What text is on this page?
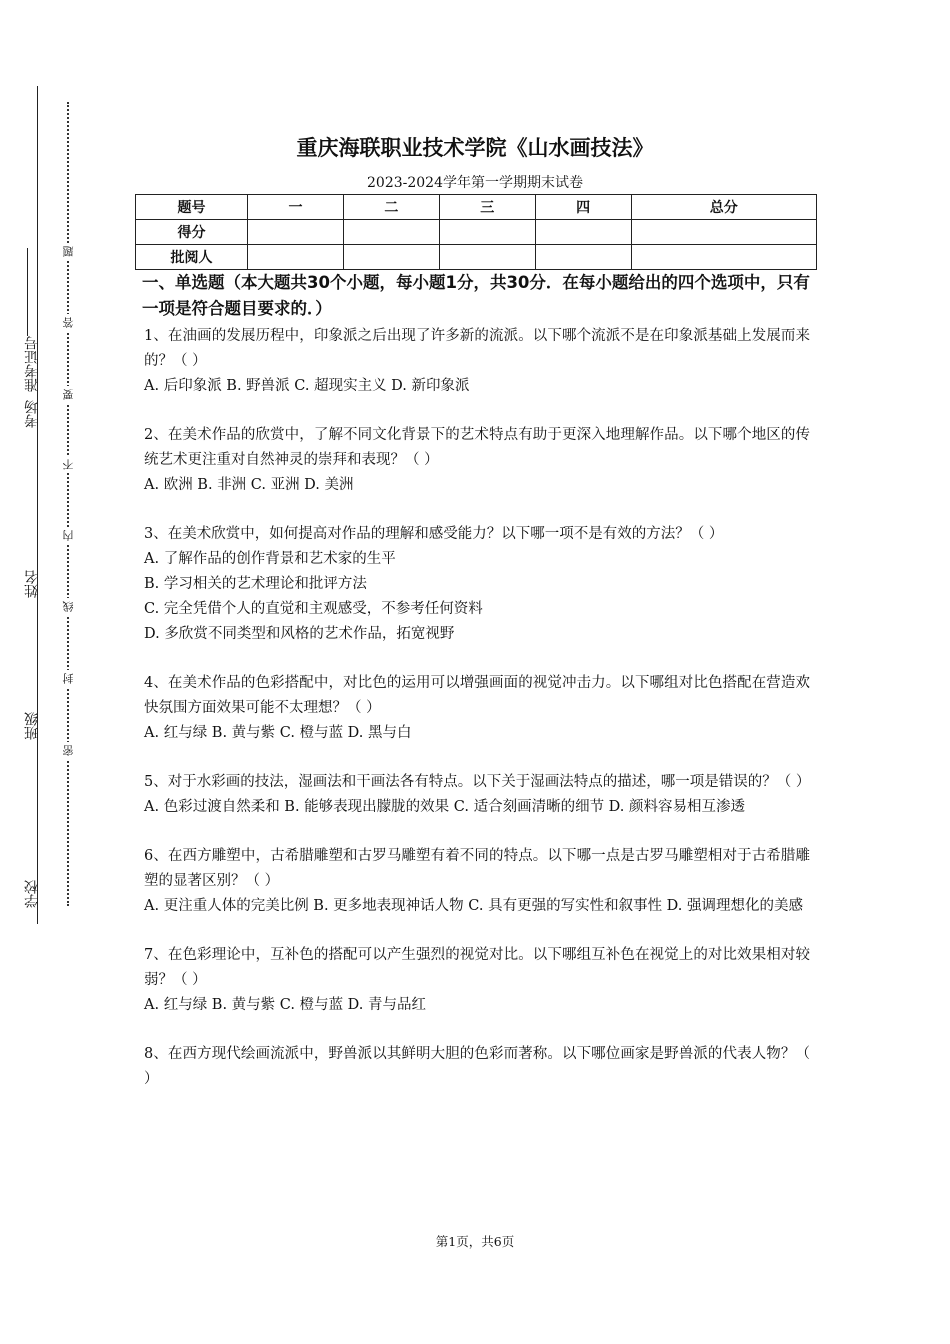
准考证号
考场
姓名
班级
学校
题
答
要
不
内
线
封
密
重庆海联职业技术学院《山水画技法》
2023-2024学年第一学期期末试卷
题号	一	二	三	四	总分
得分					
批阅人					
一、单选题（本大题共30个小题，每小题1分，共30分．在每小题给出的四个选项中，只有一项是符合题目要求的．）

1、在油画的发展历程中，印象派之后出现了许多新的流派。以下哪个流派不是在印象派基础上发展而来的？（ ）

A. 后印象派 B. 野兽派 C. 超现实主义 D. 新印象派

2、在美术作品的欣赏中，了解不同文化背景下的艺术特点有助于更深入地理解作品。以下哪个地区的传统艺术更注重对自然神灵的崇拜和表现？（ ）

A. 欧洲 B. 非洲 C. 亚洲 D. 美洲

3、在美术欣赏中，如何提高对作品的理解和感受能力？以下哪一项不是有效的方法？（ ）

A. 了解作品的创作背景和艺术家的生平

B. 学习相关的艺术理论和批评方法

C. 完全凭借个人的直觉和主观感受，不参考任何资料

D. 多欣赏不同类型和风格的艺术作品，拓宽视野

4、在美术作品的色彩搭配中，对比色的运用可以增强画面的视觉冲击力。以下哪组对比色搭配在营造欢快氛围方面效果可能不太理想？（ ）

A. 红与绿 B. 黄与紫 C. 橙与蓝 D. 黑与白

5、对于水彩画的技法，湿画法和干画法各有特点。以下关于湿画法特点的描述，哪一项是错误的？（ ）

A. 色彩过渡自然柔和 B. 能够表现出朦胧的效果 C. 适合刻画清晰的细节 D. 颜料容易相互渗透

6、在西方雕塑中，古希腊雕塑和古罗马雕塑有着不同的特点。以下哪一点是古罗马雕塑相对于古希腊雕塑的显著区别？（ ）

A. 更注重人体的完美比例 B. 更多地表现神话人物 C. 具有更强的写实性和叙事性 D. 强调理想化的美感

7、在色彩理论中，互补色的搭配可以产生强烈的视觉对比。以下哪组互补色在视觉上的对比效果相对较弱？（ ）

A. 红与绿 B. 黄与紫 C. 橙与蓝 D. 青与品红

8、在西方现代绘画流派中，野兽派以其鲜明大胆的色彩而著称。以下哪位画家是野兽派的代表人物？（ ）

第1页，共6页
